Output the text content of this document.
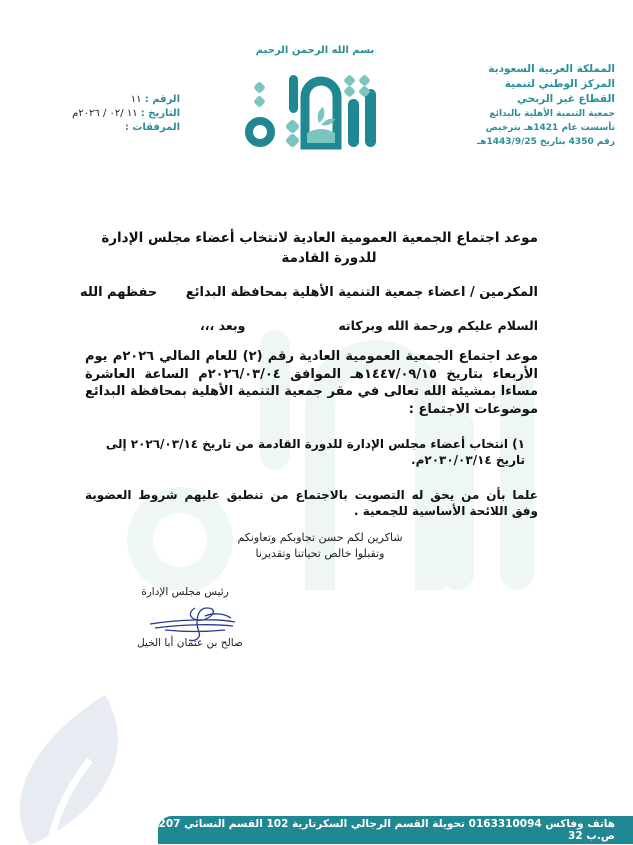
بسم الله الرحمن الرحيم
المملكة العربية السعودية
المركز الوطني لتنمية
القطاع غير الربحي
جمعية التنمية الأهلية بالبدائع
تأسست عام 1421هـ بترخيص
رقم 4350 بتاريخ 1443/9/25هـ
الرقم : ١١
التاريخ : ١١ /٠٢ / ٢٠٢٦م
المرفقات :
موعد اجتماع الجمعية العمومية العادية لانتخاب أعضاء مجلس الإدارة
للدورة القادمة
المكرمين / اعضاء جمعية التنمية الأهلية بمحافظة البدائع
حفظهم الله
السلام عليكم ورحمة الله وبركاته
وبعد ،،،
موعد اجتماع الجمعية العمومية العادية رقم (٢) للعام المالي ٢٠٢٦م يوم الأربعاء بتاريخ ١٤٤٧/٠٩/١٥هـ الموافق ٢٠٢٦/٠٣/٠٤م الساعة العاشرة مساءا بمشيئة الله تعالى في مقر جمعية التنمية الأهلية بمحافظة البدائع موضوعات الاجتماع :
١) انتخاب أعضاء مجلس الإدارة للدورة القادمة من تاريخ ٢٠٢٦/٠٣/١٤ إلى تاريخ ٢٠٣٠/٠٣/١٤م.
علما بأن من يحق له التصويت بالاجتماع من تنطبق عليهم شروط العضوية وفق اللائحة الأساسية للجمعية .
شاكرين لكم حسن تجاوبكم وتعاونكم
وتقبلوا خالص تحياتنا وتقديرنا
رئيس مجلس الإدارة
صالح بن عثمان أبا الخيل
هاتف وفاكس 0163310094 تحويلة القسم الرجالي السكرتارية 102 القسم النسائي 207 ص.ب 32
